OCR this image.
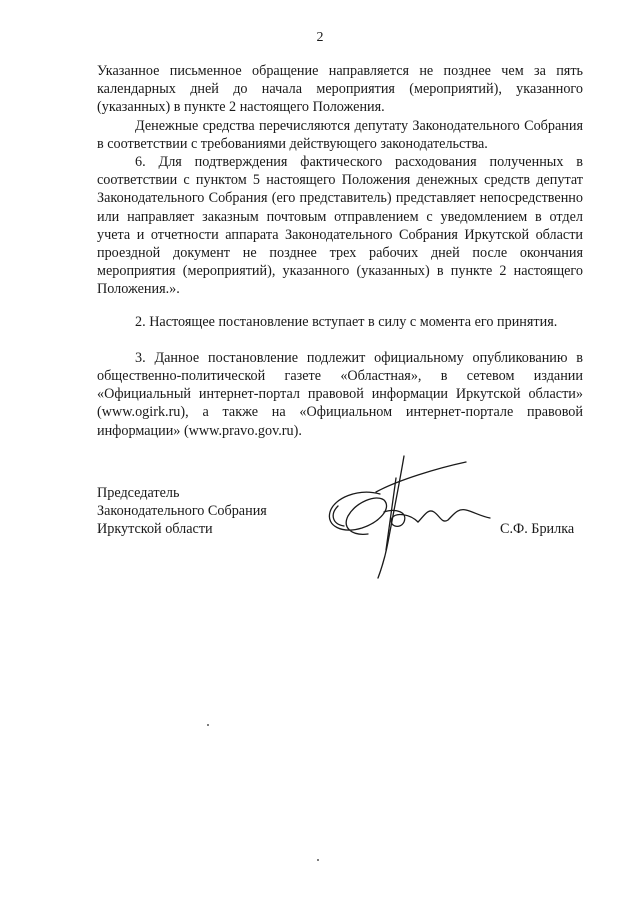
2

Указанное письменное обращение направляется не позднее чем за пять календарных дней до начала мероприятия (мероприятий), указанного (указанных) в пункте 2 настоящего Положения.

Денежные средства перечисляются депутату Законодательного Собрания в соответствии с требованиями действующего законодательства.

6. Для подтверждения фактического расходования полученных в соответствии с пунктом 5 настоящего Положения денежных средств депутат Законодательного Собрания (его представитель) представляет непосредственно или направляет заказным почтовым отправлением с уведомлением в отдел учета и отчетности аппарата Законодательного Собрания Иркутской области проездной документ не позднее трех рабочих дней после окончания мероприятия (мероприятий), указанного (указанных) в пункте 2 настоящего Положения.».

2. Настоящее постановление вступает в силу с момента его принятия.

3. Данное постановление подлежит официальному опубликованию в общественно-политической газете «Областная», в сетевом издании «Официальный интернет-портал правовой информации Иркутской области» (www.ogirk.ru), а также на «Официальном интернет-портале правовой информации» (www.pravo.gov.ru).

Председатель
Законодательного Собрания
Иркутской области	С.Ф. Брилка
